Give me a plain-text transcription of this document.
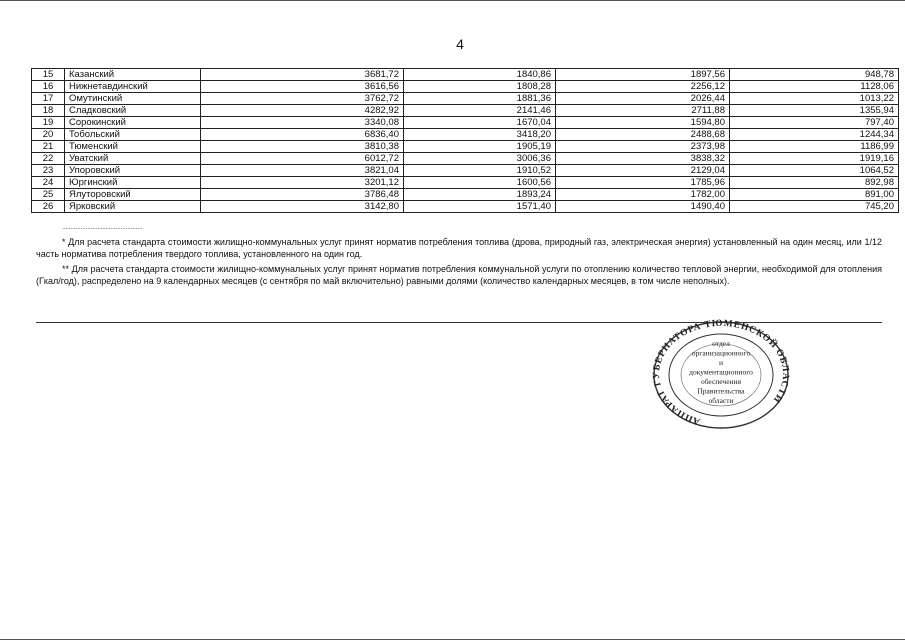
4
15	Казанский	3681,72	1840,86	1897,56	948,78
16	Нижнетавдинский	3616,56	1808,28	2256,12	1128,06
17	Омутинский	3762,72	1881,36	2026,44	1013,22
18	Сладковский	4282,92	2141,46	2711,88	1355,94
19	Сорокинский	3340,08	1670,04	1594,80	797,40
20	Тобольский	6836,40	3418,20	2488,68	1244,34
21	Тюменский	3810,38	1905,19	2373,98	1186,99
22	Уватский	6012,72	3006,36	3838,32	1919,16
23	Упоровский	3821,04	1910,52	2129,04	1064,52
24	Юргинский	3201,12	1600,56	1785,96	892,98
25	Ялуторовский	3786,48	1893,24	1782,00	891,00
26	Ярковский	3142,80	1571,40	1490,40	745,20
--------------------------------

* Для расчета стандарта стоимости жилищно-коммунальных услуг принят норматив потребления топлива (дрова, природный газ, электрическая энергия) установленный на один месяц, или 1/12 часть норматива потребления твердого топлива, установленного на один год.

** Для расчета стандарта стоимости жилищно-коммунальных услуг принят норматив потребления коммунальной услуги по отоплению количество тепловой энергии, необходимой для отопления (Гкал/год), распределено на 9 календарных месяцев (с сентября по май включительно) равными долями (количество календарных месяцев, в том числе неполных).

АППАРАТ ГУБЕРНАТОРА ТЮМЕНСКОЙ ОБЛАСТИ
отдел
организационного
и
документационного
обеспечения
Правительства
области
